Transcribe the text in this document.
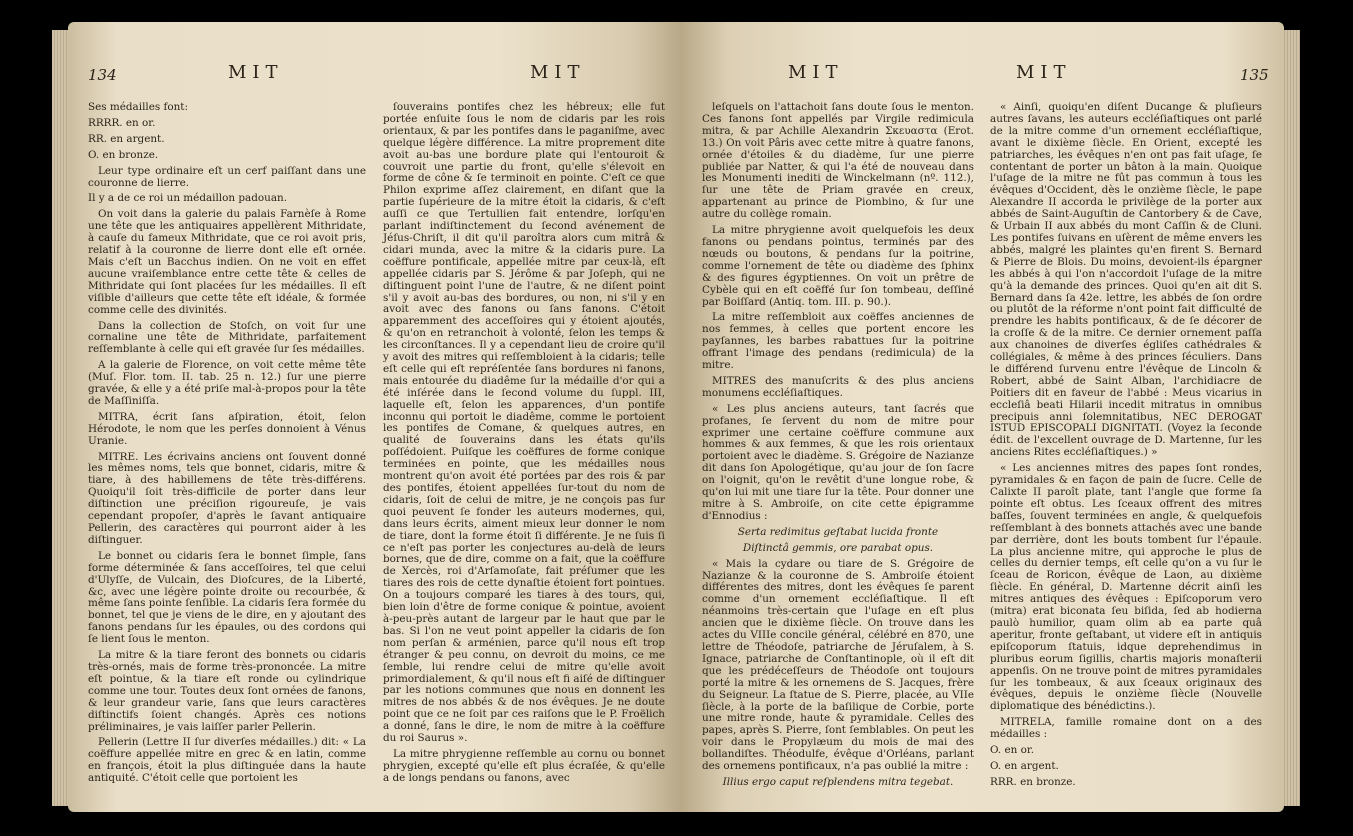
134	MIT	MIT

Ses médailles font:

RRRR. en or.

RR. en argent.

O. en bronze.

Leur type ordinaire eſt un cerf paiſſant dans une couronne de lierre.

Il y a de ce roi un médaillon padouan.

On voit dans la galerie du palais Farnèſe à Rome une tête que les antiquaires appellèrent Mithridate, à cauſe du fameux Mithridate, que ce roi avoit pris, relatif à la couronne de lierre dont elle eſt ornée. Mais c'eſt un Bacchus indien. On ne voit en effet aucune vraiſemblance entre cette tête & celles de Mithridate qui ſont placées ſur les médailles. Il eſt viſible d'ailleurs que cette tête eſt idéale, & formée comme celle des divinités.

Dans la collection de Stoſch, on voit ſur une cornaline une tête de Mithridate, parfaitement reſſemblante à celle qui eſt gravée ſur ſes médailles.

A la galerie de Florence, on voit cette même tête (Muſ. Flor. tom. II. tab. 25 n. 12.) ſur une pierre gravée, & elle y a été priſe mal-à-propos pour la tête de Maſſiniſſa.

MITRA, écrit ſans aſpiration, étoit, ſelon Hérodote, le nom que les perſes donnoient à Vénus Uranie.

MITRE. Les écrivains anciens ont ſouvent donné les mêmes noms, tels que bonnet, cidaris, mitre & tiare, à des habillemens de tête très-différens. Quoiqu'il ſoit très-difficile de porter dans leur diſtinction une préciſion rigoureuſe, je vais cependant propoſer, d'après le ſavant antiquaire Pellerin, des caractères qui pourront aider à les diſtinguer.

Le bonnet ou cidaris ſera le bonnet ſimple, ſans forme déterminée & ſans acceſſoires, tel que celui d'Ulyſſe, de Vulcain, des Dioſcures, de la Liberté, &c, avec une légère pointe droite ou recourbée, & même ſans pointe ſenſible. La cidaris ſera formée du bonnet, tel que je viens de le dire, en y ajoutant des fanons pendans ſur les épaules, ou des cordons qui ſe lient ſous le menton.

La mitre & la tiare feront des bonnets ou cidaris très-ornés, mais de forme très-prononcée. La mitre eſt pointue, & la tiare eſt ronde ou cylindrique comme une tour. Toutes deux ſont ornées de fanons, & leur grandeur varie, ſans que leurs caractères diſtinctifs ſoient changés. Après ces notions préliminaires, je vais laiſſer parler Pellerin.

Pellerin (Lettre II ſur diverſes médailles.) dit: « La coëffure appellée mitre en grec & en latin, comme en françois, étoit la plus diſtinguée dans la haute antiquité. C'étoit celle que portoient les

ſouverains pontifes chez les hébreux; elle fut portée enſuite ſous le nom de cidaris par les rois orientaux, & par les pontifes dans le paganiſme, avec quelque légère différence. La mitre proprement dite avoit au-bas une bordure plate qui l'entouroit & couvroit une partie du front, qu'elle s'élevoit en forme de cône & ſe terminoit en pointe. C'eſt ce que Philon exprime aſſez clairement, en diſant que la partie ſupérieure de la mitre étoit la cidaris, & c'eſt auſſi ce que Tertullien fait entendre, lorſqu'en parlant indiſtinctement du ſecond avénement de Jéſus-Chriſt, il dit qu'il paroîtra alors cum mitrâ & cidari munda, avec la mitre & la cidaris pure. La coëffure pontificale, appellée mitre par ceux-là, eſt appellée cidaris par S. Jérôme & par Joſeph, qui ne diſtinguent point l'une de l'autre, & ne diſent point s'il y avoit au-bas des bordures, ou non, ni s'il y en avoit avec des fanons ou ſans fanons. C'étoit apparemment des acceſſoires qui y étoient ajoutés, & qu'on en retranchoit à volonté, ſelon les temps & les circonſtances. Il y a cependant lieu de croire qu'il y avoit des mitres qui reſſembloient à la cidaris; telle eſt celle qui eſt repréſentée ſans bordures ni fanons, mais entourée du diadême ſur la médaille d'or qui a été inſérée dans le ſecond volume du ſuppl. III, laquelle eſt, ſelon les apparences, d'un pontife inconnu qui portoit le diadême, comme le portoient les pontifes de Comane, & quelques autres, en qualité de ſouverains dans les états qu'ils poſſédoient. Puiſque les coëffures de forme conique terminées en pointe, que les médailles nous montrent qu'on avoit été portées par des rois & par des pontifes, étoient appellées ſur-tout du nom de cidaris, ſoit de celui de mitre, je ne conçois pas ſur quoi peuvent ſe fonder les auteurs modernes, qui, dans leurs écrits, aiment mieux leur donner le nom de tiare, dont la forme étoit ſi différente. Je ne ſuis ſi ce n'eſt pas porter les conjectures au-delà de leurs bornes, que de dire, comme on a fait, que la coëffure de Xercès, roi d'Arſamoſate, fait préſumer que les tiares des rois de cette dynaſtie étoient fort pointues. On a toujours comparé les tiares à des tours, qui, bien loin d'être de forme conique & pointue, avoient à-peu-près autant de largeur par le haut que par le bas. Si l'on ne veut point appeller la cidaris de ſon nom perſan & arménien, parce qu'il nous eſt trop étranger & peu connu, on devroit du moins, ce me ſemble, lui rendre celui de mitre qu'elle avoit primordialement, & qu'il nous eſt fi aiſé de diſtinguer par les notions communes que nous en donnent les mitres de nos abbés & de nos évêques. Je ne doute point que ce ne ſoit par ces raiſons que le P. Froëlich a donné, ſans le dire, le nom de mitre à la coëffure du roi Saurus ».

La mitre phrygienne reſſemble au cornu ou bonnet phrygien, excepté qu'elle eſt plus écraſée, & qu'elle a de longs pendans ou fanons, avec

MIT	MIT	135

leſquels on l'attachoit ſans doute ſous le menton. Ces fanons ſont appellés par Virgile redimicula mitra, & par Achille Alexandrin Σκευαστα (Erot. 13.) On voit Pâris avec cette mitre à quatre fanons, ornée d'étoiles & du diadème, ſur une pierre publiée par Natter, & qui l'a été de nouveau dans les Monumenti inediti de Winckelmann (nº. 112.), ſur une tête de Priam gravée en creux, appartenant au prince de Piombino, & ſur une autre du collège romain.

La mitre phrygienne avoit quelquefois les deux fanons ou pendans pointus, terminés par des nœuds ou boutons, & pendans ſur la poitrine, comme l'ornement de tête ou diadème des ſphinx & des figures égyptiennes. On voit un prêtre de Cybèle qui en eſt coëffé ſur ſon tombeau, deſſiné par Boiſſard (Antiq. tom. III. p. 90.).

La mitre reſſembloit aux coëffes anciennes de nos femmes, à celles que portent encore les payſannes, les barbes rabattues ſur la poitrine offrant l'image des pendans (redimicula) de la mitre.

MITRES des manuſcrits & des plus anciens monumens eccléſiaſtiques.

« Les plus anciens auteurs, tant ſacrés que profanes, ſe ſervent du nom de mitre pour exprimer une certaine coëffure commune aux hommes & aux femmes, & que les rois orientaux portoient avec le diadème. S. Grégoire de Nazianze dit dans ſon Apologétique, qu'au jour de ſon ſacre on l'oignit, qu'on le revêtit d'une longue robe, & qu'on lui mit une tiare ſur la tête. Pour donner une mitre à S. Ambroiſe, on cite cette épigramme d'Ennodius :

Serta redimitus geſtabat lucida fronte

Diſtinctâ gemmis, ore parabat opus.

« Mais la cydare ou tiare de S. Grégoire de Nazianze & la couronne de S. Ambroiſe étoient différentes des mitres, dont les évêques ſe parent comme d'un ornement eccléſiaſtique. Il eſt néanmoins très-certain que l'uſage en eſt plus ancien que le dixième ſiècle. On trouve dans les actes du VIIIe concile général, célébré en 870, une lettre de Théodoſe, patriarche de Jéruſalem, à S. Ignace, patriarche de Conſtantinople, où il eſt dit que les prédéceſſeurs de Théodoſe ont toujours porté la mitre & les ornemens de S. Jacques, frère du Seigneur. La ſtatue de S. Pierre, placée, au VIIe ſiècle, à la porte de la baſilique de Corbie, porte une mitre ronde, haute & pyramidale. Celles des papes, après S. Pierre, ſont ſemblables. On peut les voir dans le Propylæum du mois de mai des bollandiſtes. Théodulfe, évêque d'Orléans, parlant des ornemens pontificaux, n'a pas oublié la mitre :

Illius ergo caput reſplendens mitra tegebat.

« Ainſi, quoiqu'en diſent Ducange & pluſieurs autres ſavans, les auteurs eccléſiaſtiques ont parlé de la mitre comme d'un ornement eccléſiaſtique, avant le dixième ſiècle. En Orient, excepté les patriarches, les évêques n'en ont pas fait uſage, ſe contentant de porter un bâton à la main. Quoique l'uſage de la mitre ne fût pas commun à tous les évêques d'Occident, dès le onzième ſiècle, le pape Alexandre II accorda le privilège de la porter aux abbés de Saint-Auguſtin de Cantorbery & de Cave, & Urbain II aux abbés du mont Caſſin & de Cluni. Les pontifes ſuivans en uſèrent de même envers les abbés, malgré les plaintes qu'en firent S. Bernard & Pierre de Blois. Du moins, devoient-ils épargner les abbés à qui l'on n'accordoit l'uſage de la mitre qu'à la demande des princes. Quoi qu'en ait dit S. Bernard dans ſa 42e. lettre, les abbés de ſon ordre ou plutôt de la réforme n'ont point fait difficulté de prendre les habits pontificaux, & de ſe décorer de la croſſe & de la mitre. Ce dernier ornement paſſa aux chanoines de diverſes égliſes cathédrales & collégiales, & même à des princes ſéculiers. Dans le différend ſurvenu entre l'évêque de Lincoln & Robert, abbé de Saint Alban, l'archidiacre de Poitiers dit en faveur de l'abbé : Meus vicarius in eccleſiâ beati Hilarii incedit mitratus in omnibus precipuis anni ſolemnitatibus, NEC DEROGAT ISTUD EPISCOPALI DIGNITATI. (Voyez la ſeconde édit. de l'excellent ouvrage de D. Martenne, ſur les anciens Rites eccléſiaſtiques.) »

« Les anciennes mitres des papes ſont rondes, pyramidales & en façon de pain de ſucre. Celle de Calixte II paroît plate, tant l'angle que forme ſa pointe eſt obtus. Les ſceaux offrent des mitres baſſes, ſouvent terminées en angle, & quelquefois reſſemblant à des bonnets attachés avec une bande par derrière, dont les bouts tombent ſur l'épaule. La plus ancienne mitre, qui approche le plus de celles du dernier temps, eſt celle qu'on a vu ſur le ſceau de Roricon, évêque de Laon, au dixième ſiècle. En général, D. Martenne décrit ainſi les mitres antiques des évêques : Epiſcoporum vero (mitra) erat biconata ſeu biſida, ſed ab hodierna paulò humilior, quam olim ab ea parte quâ aperitur, fronte geſtabant, ut videre eſt in antiquis epiſcoporum ſtatuis, idque deprehendimus in pluribus eorum ſigillis, chartis majoris monaſterii appenſis. On ne trouve point de mitres pyramidales ſur les tombeaux, & aux ſceaux originaux des évêques, depuis le onzième ſiècle (Nouvelle diplomatique des bénédictins.).

MITRELA, famille romaine dont on a des médailles :

O. en or.

O. en argent.

RRR. en bronze.
